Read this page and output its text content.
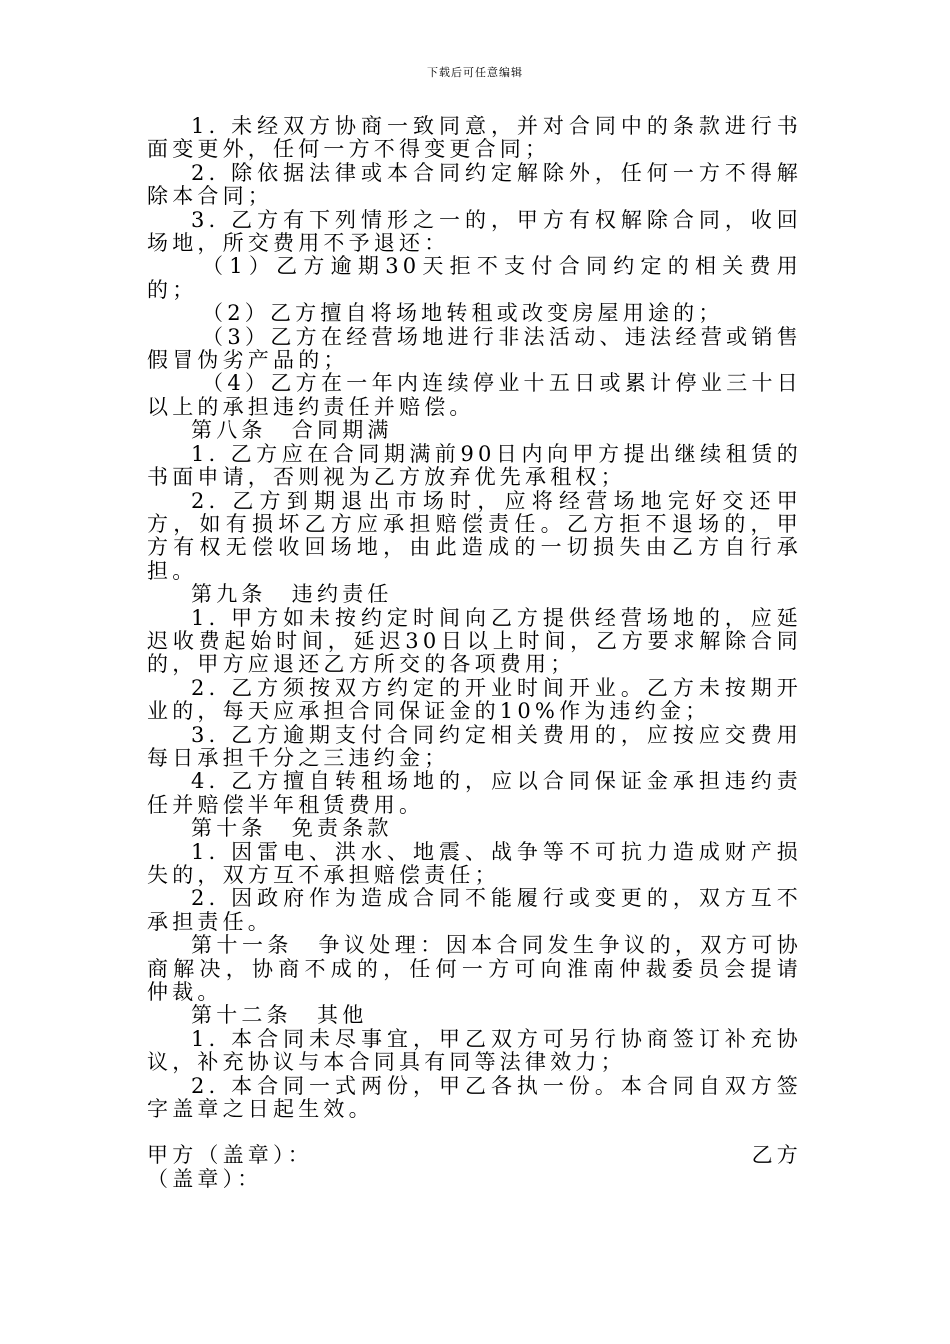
下载后可任意编辑

1. 未经双方协商一致同意，并对合同中的条款进行书面变更外，任何一方不得变更合同；

2. 除依据法律或本合同约定解除外，任何一方不得解除本合同；

3. 乙方有下列情形之一的，甲方有权解除合同，收回场地，所交费用不予退还：

（1）乙方逾期30天拒不支付合同约定的相关费用的；

（2）乙方擅自将场地转租或改变房屋用途的；

（3）乙方在经营场地进行非法活动、违法经营或销售假冒伪劣产品的；

（4）乙方在一年内连续停业十五日或累计停业三十日以上的承担违约责任并赔偿。

第八条　合同期满

1. 乙方应在合同期满前90日内向甲方提出继续租赁的书面申请，否则视为乙方放弃优先承租权；

2. 乙方到期退出市场时，应将经营场地完好交还甲方，如有损坏乙方应承担赔偿责任。乙方拒不退场的，甲方有权无偿收回场地，由此造成的一切损失由乙方自行承担。

第九条　违约责任

1. 甲方如未按约定时间向乙方提供经营场地的，应延迟收费起始时间，延迟30日以上时间，乙方要求解除合同的，甲方应退还乙方所交的各项费用；

2. 乙方须按双方约定的开业时间开业。乙方未按期开业的，每天应承担合同保证金的10%作为违约金；

3. 乙方逾期支付合同约定相关费用的，应按应交费用每日承担千分之三违约金；

4. 乙方擅自转租场地的，应以合同保证金承担违约责任并赔偿半年租赁费用。

第十条　免责条款

1. 因雷电、洪水、地震、战争等不可抗力造成财产损失的，双方互不承担赔偿责任；

2. 因政府作为造成合同不能履行或变更的，双方互不承担责任。

第十一条　争议处理：因本合同发生争议的，双方可协商解决，协商不成的，任何一方可向淮南仲裁委员会提请仲裁。

第十二条　其他

1. 本合同未尽事宜，甲乙双方可另行协商签订补充协议，补充协议与本合同具有同等法律效力；

2. 本合同一式两份，甲乙各执一份。本合同自双方签字盖章之日起生效。

甲方（盖章）：	乙方
（盖章）：
